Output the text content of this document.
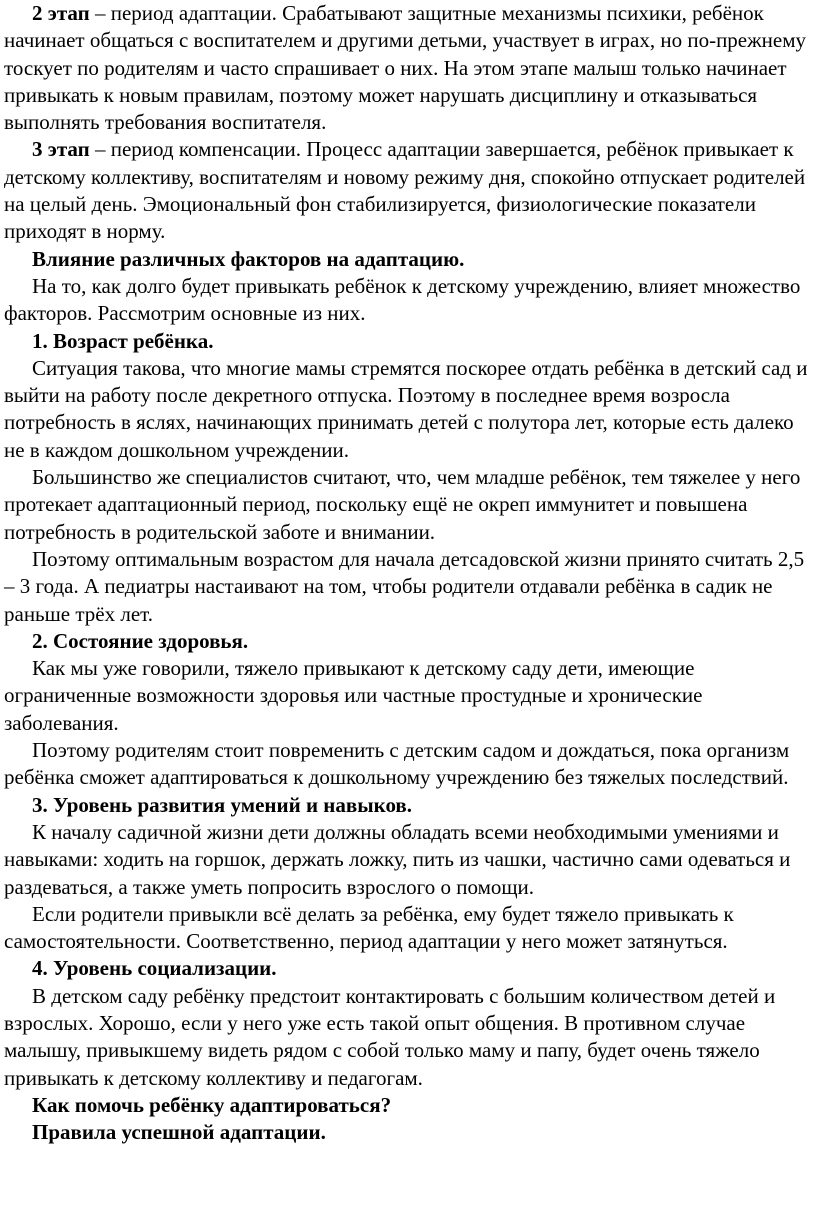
2 этап – период адаптации. Срабатывают защитные механизмы психики, ребёнок начинает общаться с воспитателем и другими детьми, участвует в играх, но по-прежнему тоскует по родителям и часто спрашивает о них. На этом этапе малыш только начинает привыкать к новым правилам, поэтому может нарушать дисциплину и отказываться выполнять требования воспитателя.

3 этап – период компенсации. Процесс адаптации завершается, ребёнок привыкает к детскому коллективу, воспитателям и новому режиму дня, спокойно отпускает родителей на целый день. Эмоциональный фон стабилизируется, физиологические показатели приходят в норму.

Влияние различных факторов на адаптацию.

На то, как долго будет привыкать ребёнок к детскому учреждению, влияет множество факторов. Рассмотрим основные из них.

1. Возраст ребёнка.

Ситуация такова, что многие мамы стремятся поскорее отдать ребёнка в детский сад и выйти на работу после декретного отпуска. Поэтому в последнее время возросла потребность в яслях, начинающих принимать детей с полутора лет, которые есть далеко не в каждом дошкольном учреждении.

Большинство же специалистов считают, что, чем младше ребёнок, тем тяжелее у него протекает адаптационный период, поскольку ещё не окреп иммунитет и повышена потребность в родительской заботе и внимании.

Поэтому оптимальным возрастом для начала детсадовской жизни принято считать 2,5 – 3 года. А педиатры настаивают на том, чтобы родители отдавали ребёнка в садик не раньше трёх лет.

2. Состояние здоровья.

Как мы уже говорили, тяжело привыкают к детскому саду дети, имеющие ограниченные возможности здоровья или частные простудные и хронические заболевания.

Поэтому родителям стоит повременить с детским садом и дождаться, пока организм ребёнка сможет адаптироваться к дошкольному учреждению без тяжелых последствий.

3. Уровень развития умений и навыков.

К началу садичной жизни дети должны обладать всеми необходимыми умениями и навыками: ходить на горшок, держать ложку, пить из чашки, частично сами одеваться и раздеваться, а также уметь попросить взрослого о помощи.

Если родители привыкли всё делать за ребёнка, ему будет тяжело привыкать к самостоятельности. Соответственно, период адаптации у него может затянуться.

4. Уровень социализации.

В детском саду ребёнку предстоит контактировать с большим количеством детей и взрослых. Хорошо, если у него уже есть такой опыт общения. В противном случае малышу, привыкшему видеть рядом с собой только маму и папу, будет очень тяжело привыкать к детскому коллективу и педагогам.

Как помочь ребёнку адаптироваться?

Правила успешной адаптации.
